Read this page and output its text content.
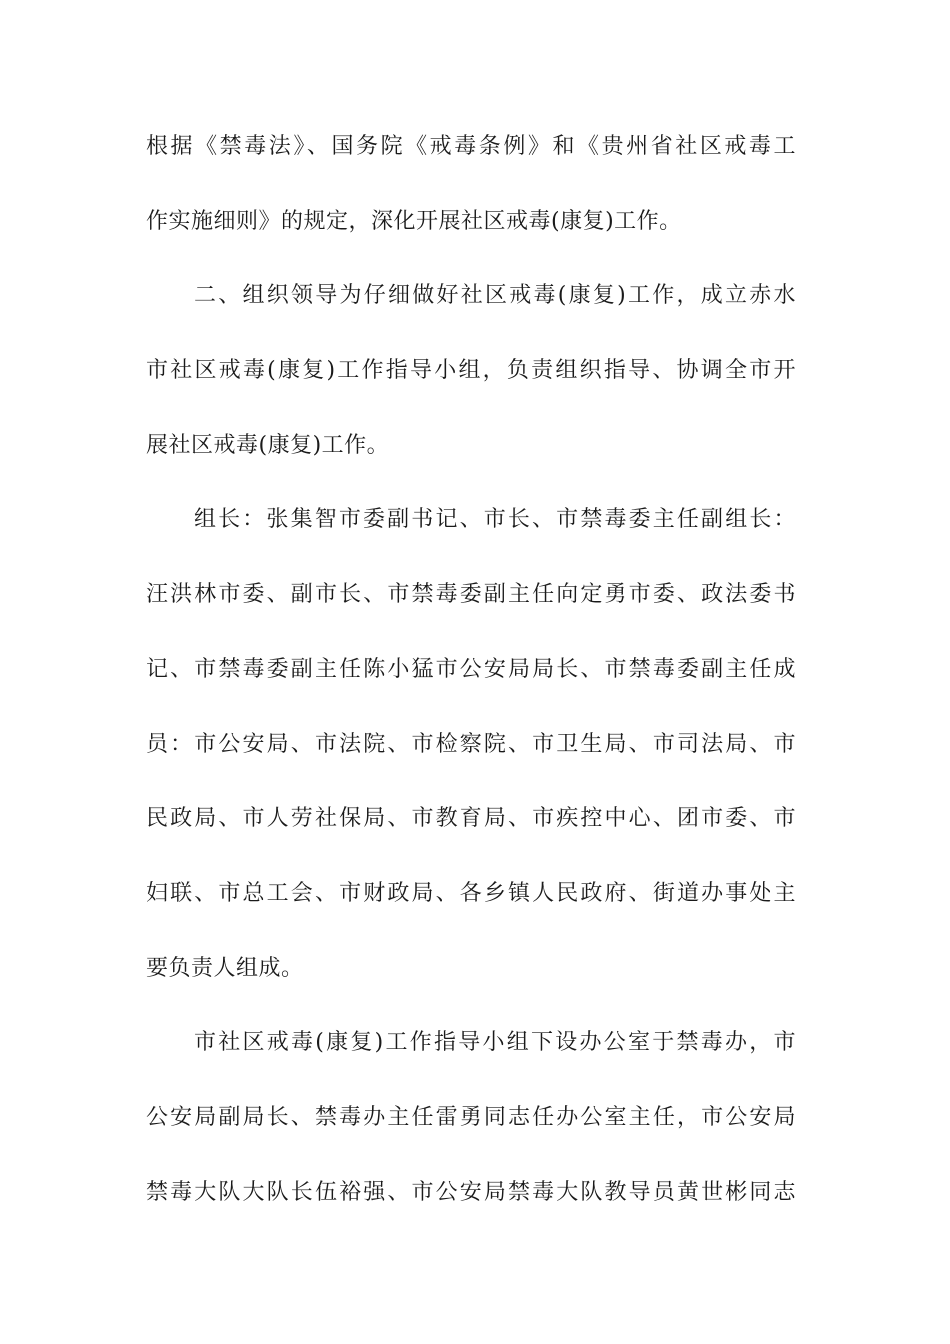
根据《禁毒法》、国务院《戒毒条例》和《贵州省社区戒毒工
作实施细则》的规定，深化开展社区戒毒(康复)工作。
二、组织领导为仔细做好社区戒毒(康复)工作，成立赤水
市社区戒毒(康复)工作指导小组，负责组织指导、协调全市开
展社区戒毒(康复)工作。
组长：张集智市委副书记、市长、市禁毒委主任副组长：
汪洪林市委、副市长、市禁毒委副主任向定勇市委、政法委书
记、市禁毒委副主任陈小猛市公安局局长、市禁毒委副主任成
员：市公安局、市法院、市检察院、市卫生局、市司法局、市
民政局、市人劳社保局、市教育局、市疾控中心、团市委、市
妇联、市总工会、市财政局、各乡镇人民政府、街道办事处主
要负责人组成。
市社区戒毒(康复)工作指导小组下设办公室于禁毒办，市
公安局副局长、禁毒办主任雷勇同志任办公室主任，市公安局
禁毒大队大队长伍裕强、市公安局禁毒大队教导员黄世彬同志
